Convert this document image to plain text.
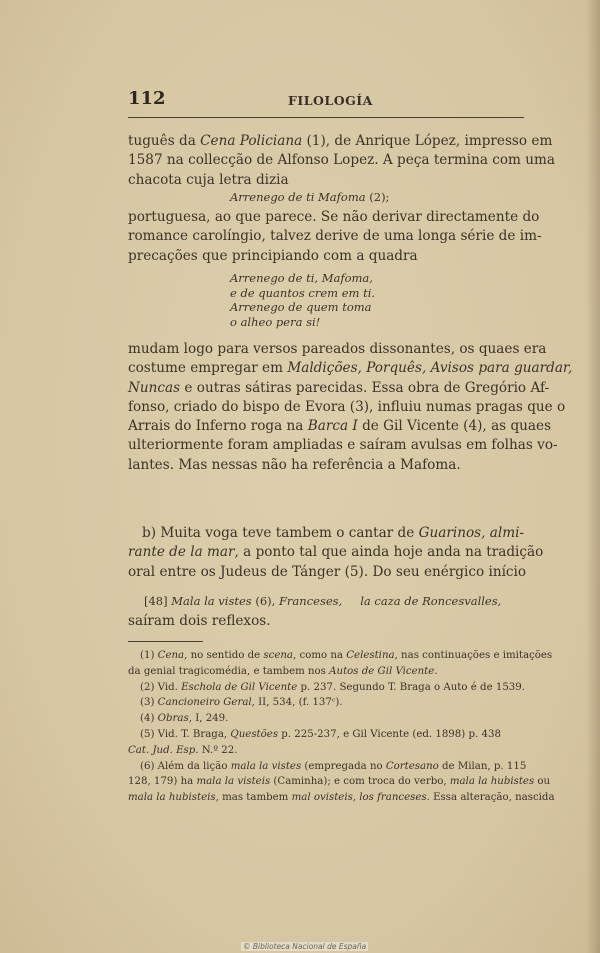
112	FILOLOGÍA
tuguês da Cena Policiana (1), de Anrique López, impresso em
1587 na collecção de Alfonso Lopez. A peça termina com uma
chacota cuja letra dizia
Arrenego de ti Mafoma (2);
portuguesa, ao que parece. Se não derivar directamente do
romance carolíngio, talvez derive de uma longa série de im-
precações que principiando com a quadra
Arrenego de ti, Mafoma,
e de quantos crem em ti.
Arrenego de quem toma
o alheo pera si!
mudam logo para versos pareados dissonantes, os quaes era
costume empregar em Maldições, Porquês, Avisos para guardar,
Nuncas e outras sátiras parecidas. Essa obra de Gregório Af-
fonso, criado do bispo de Evora (3), influiu numas pragas que o
Arrais do Inferno roga na Barca I de Gil Vicente (4), as quaes
ulteriormente foram ampliadas e saíram avulsas em folhas vo-
lantes. Mas nessas não ha referência a Mafoma.
b) Muita voga teve tambem o cantar de Guarinos, almi-
rante de la mar, a ponto tal que ainda hoje anda na tradição
oral entre os Judeus de Tánger (5). Do seu enérgico início
[48] Mala la vistes (6), Franceses, la caza de Roncesvalles,
saíram dois reflexos.
(1) Cena, no sentido de scena, como na Celestina, nas continuações e imitações
da genial tragicomédia, e tambem nos Autos de Gil Vicente.
(2) Vid. Eschola de Gil Vicente p. 237. Segundo T. Braga o Auto é de 1539.
(3) Cancioneiro Geral, II, 534, (f. 137ᶜ).
(4) Obras, I, 249.
(5) Vid. T. Braga, Questões p. 225-237, e Gil Vicente (ed. 1898) p. 438
Cat. Jud. Esp. N.º 22.
(6) Além da lição mala la vistes (empregada no Cortesano de Milan, p. 115
128, 179) ha mala la visteis (Caminha); e com troca do verbo, mala la hubistes ou
mala la hubisteis, mas tambem mal ovisteis, los franceses. Essa alteração, nascida
© Biblioteca Nacional de España
